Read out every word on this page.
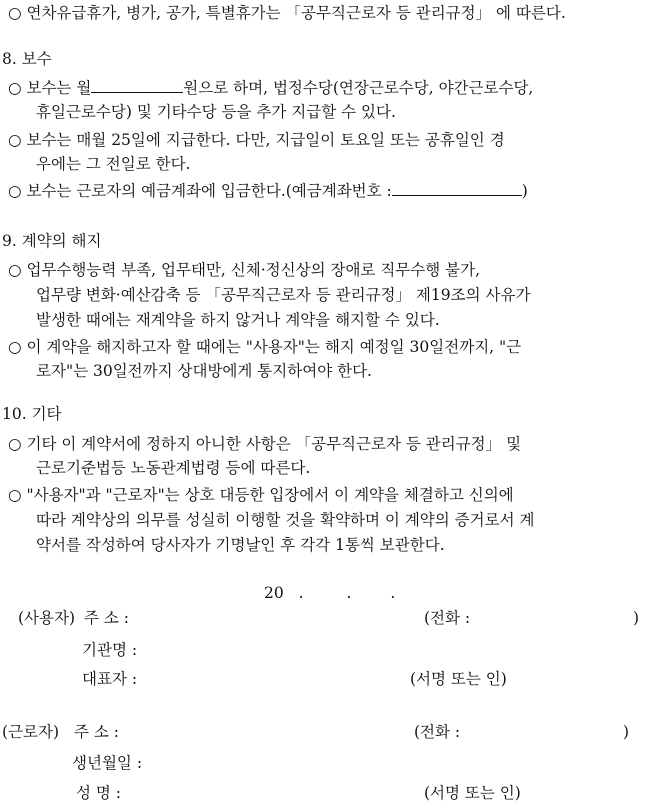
○ 연차유급휴가, 병가, 공가, 특별휴가는 「공무직근로자 등 관리규정」 에 따른다.
8. 보수
○ 보수는 월	원으로 하며, 법정수당(연장근로수당, 야간근로수당,
휴일근로수당) 및 기타수당 등을 추가 지급할 수 있다.
○ 보수는 매월 25일에 지급한다. 다만, 지급일이 토요일 또는 공휴일인 경
우에는 그 전일로 한다.
○ 보수는 근로자의 예금계좌에 입금한다.(예금계좌번호 :	)
9. 계약의 해지
○ 업무수행능력 부족, 업무태만, 신체·정신상의 장애로 직무수행 불가,
업무량 변화·예산감축 등 「공무직근로자 등 관리규정」 제19조의 사유가
발생한 때에는 재계약을 하지 않거나 계약을 해지할 수 있다.
○ 이 계약을 해지하고자 할 때에는 "사용자"는 해지 예정일 30일전까지, "근
로자"는 30일전까지 상대방에게 통지하여야 한다.
10. 기타
○ 기타 이 계약서에 정하지 아니한 사항은 「공무직근로자 등 관리규정」 및
근로기준법등 노동관계법령 등에 따른다.
○ "사용자"과 "근로자"는 상호 대등한 입장에서 이 계약을 체결하고 신의에
따라 계약상의 의무를 성실히 이행할 것을 확약하며 이 계약의 증거로서 계
약서를 작성하여 당사자가 기명날인 후 각각 1통씩 보관한다.
20 .	.	.
(사용자) 주 소 :	(전화 :	)
기관명 :
대표자 :	(서명 또는 인)
(근로자) 주 소 :	(전화 :	)
생년월일 :
성 명 :	(서명 또는 인)
